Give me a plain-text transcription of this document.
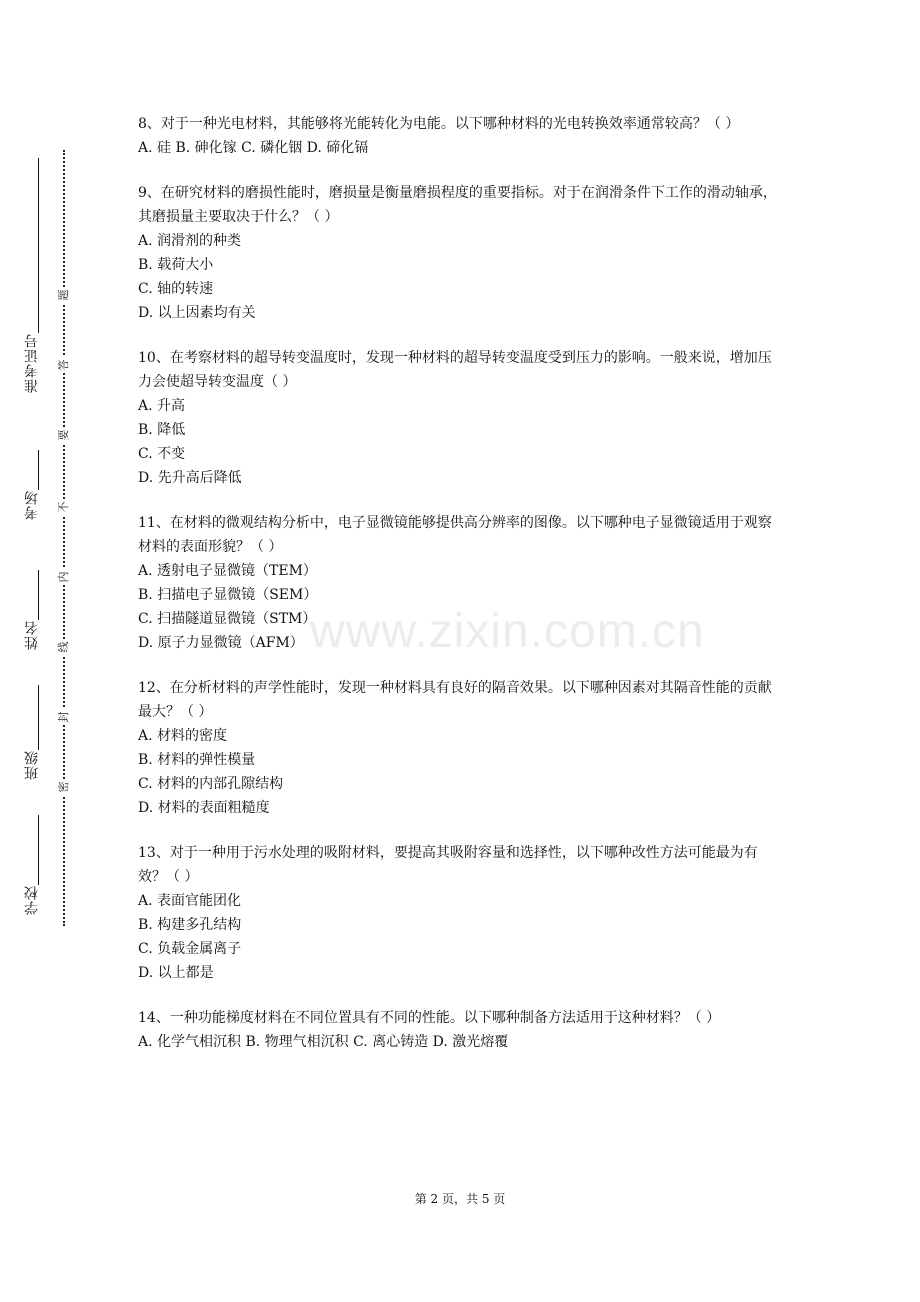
准考证号
考场
姓名
班级
学校
题
答
要
不
内
线
封
密
www.zixin.com.cn

8、对于一种光电材料，其能够将光能转化为电能。以下哪种材料的光电转换效率通常较高？（ ）

A. 硅 B. 砷化镓 C. 磷化铟 D. 碲化镉

9、在研究材料的磨损性能时，磨损量是衡量磨损程度的重要指标。对于在润滑条件下工作的滑动轴承，其磨损量主要取决于什么？（ ）

A. 润滑剂的种类

B. 载荷大小

C. 轴的转速

D. 以上因素均有关

10、在考察材料的超导转变温度时，发现一种材料的超导转变温度受到压力的影响。一般来说，增加压力会使超导转变温度（ ）

A. 升高

B. 降低

C. 不变

D. 先升高后降低

11、在材料的微观结构分析中，电子显微镜能够提供高分辨率的图像。以下哪种电子显微镜适用于观察材料的表面形貌？（ ）

A. 透射电子显微镜（TEM）

B. 扫描电子显微镜（SEM）

C. 扫描隧道显微镜（STM）

D. 原子力显微镜（AFM）

12、在分析材料的声学性能时，发现一种材料具有良好的隔音效果。以下哪种因素对其隔音性能的贡献最大？（ ）

A. 材料的密度

B. 材料的弹性模量

C. 材料的内部孔隙结构

D. 材料的表面粗糙度

13、对于一种用于污水处理的吸附材料，要提高其吸附容量和选择性，以下哪种改性方法可能最为有效？（ ）

A. 表面官能团化

B. 构建多孔结构

C. 负载金属离子

D. 以上都是

14、一种功能梯度材料在不同位置具有不同的性能。以下哪种制备方法适用于这种材料？（ ）

A. 化学气相沉积 B. 物理气相沉积 C. 离心铸造 D. 激光熔覆

第 2 页，共 5 页
